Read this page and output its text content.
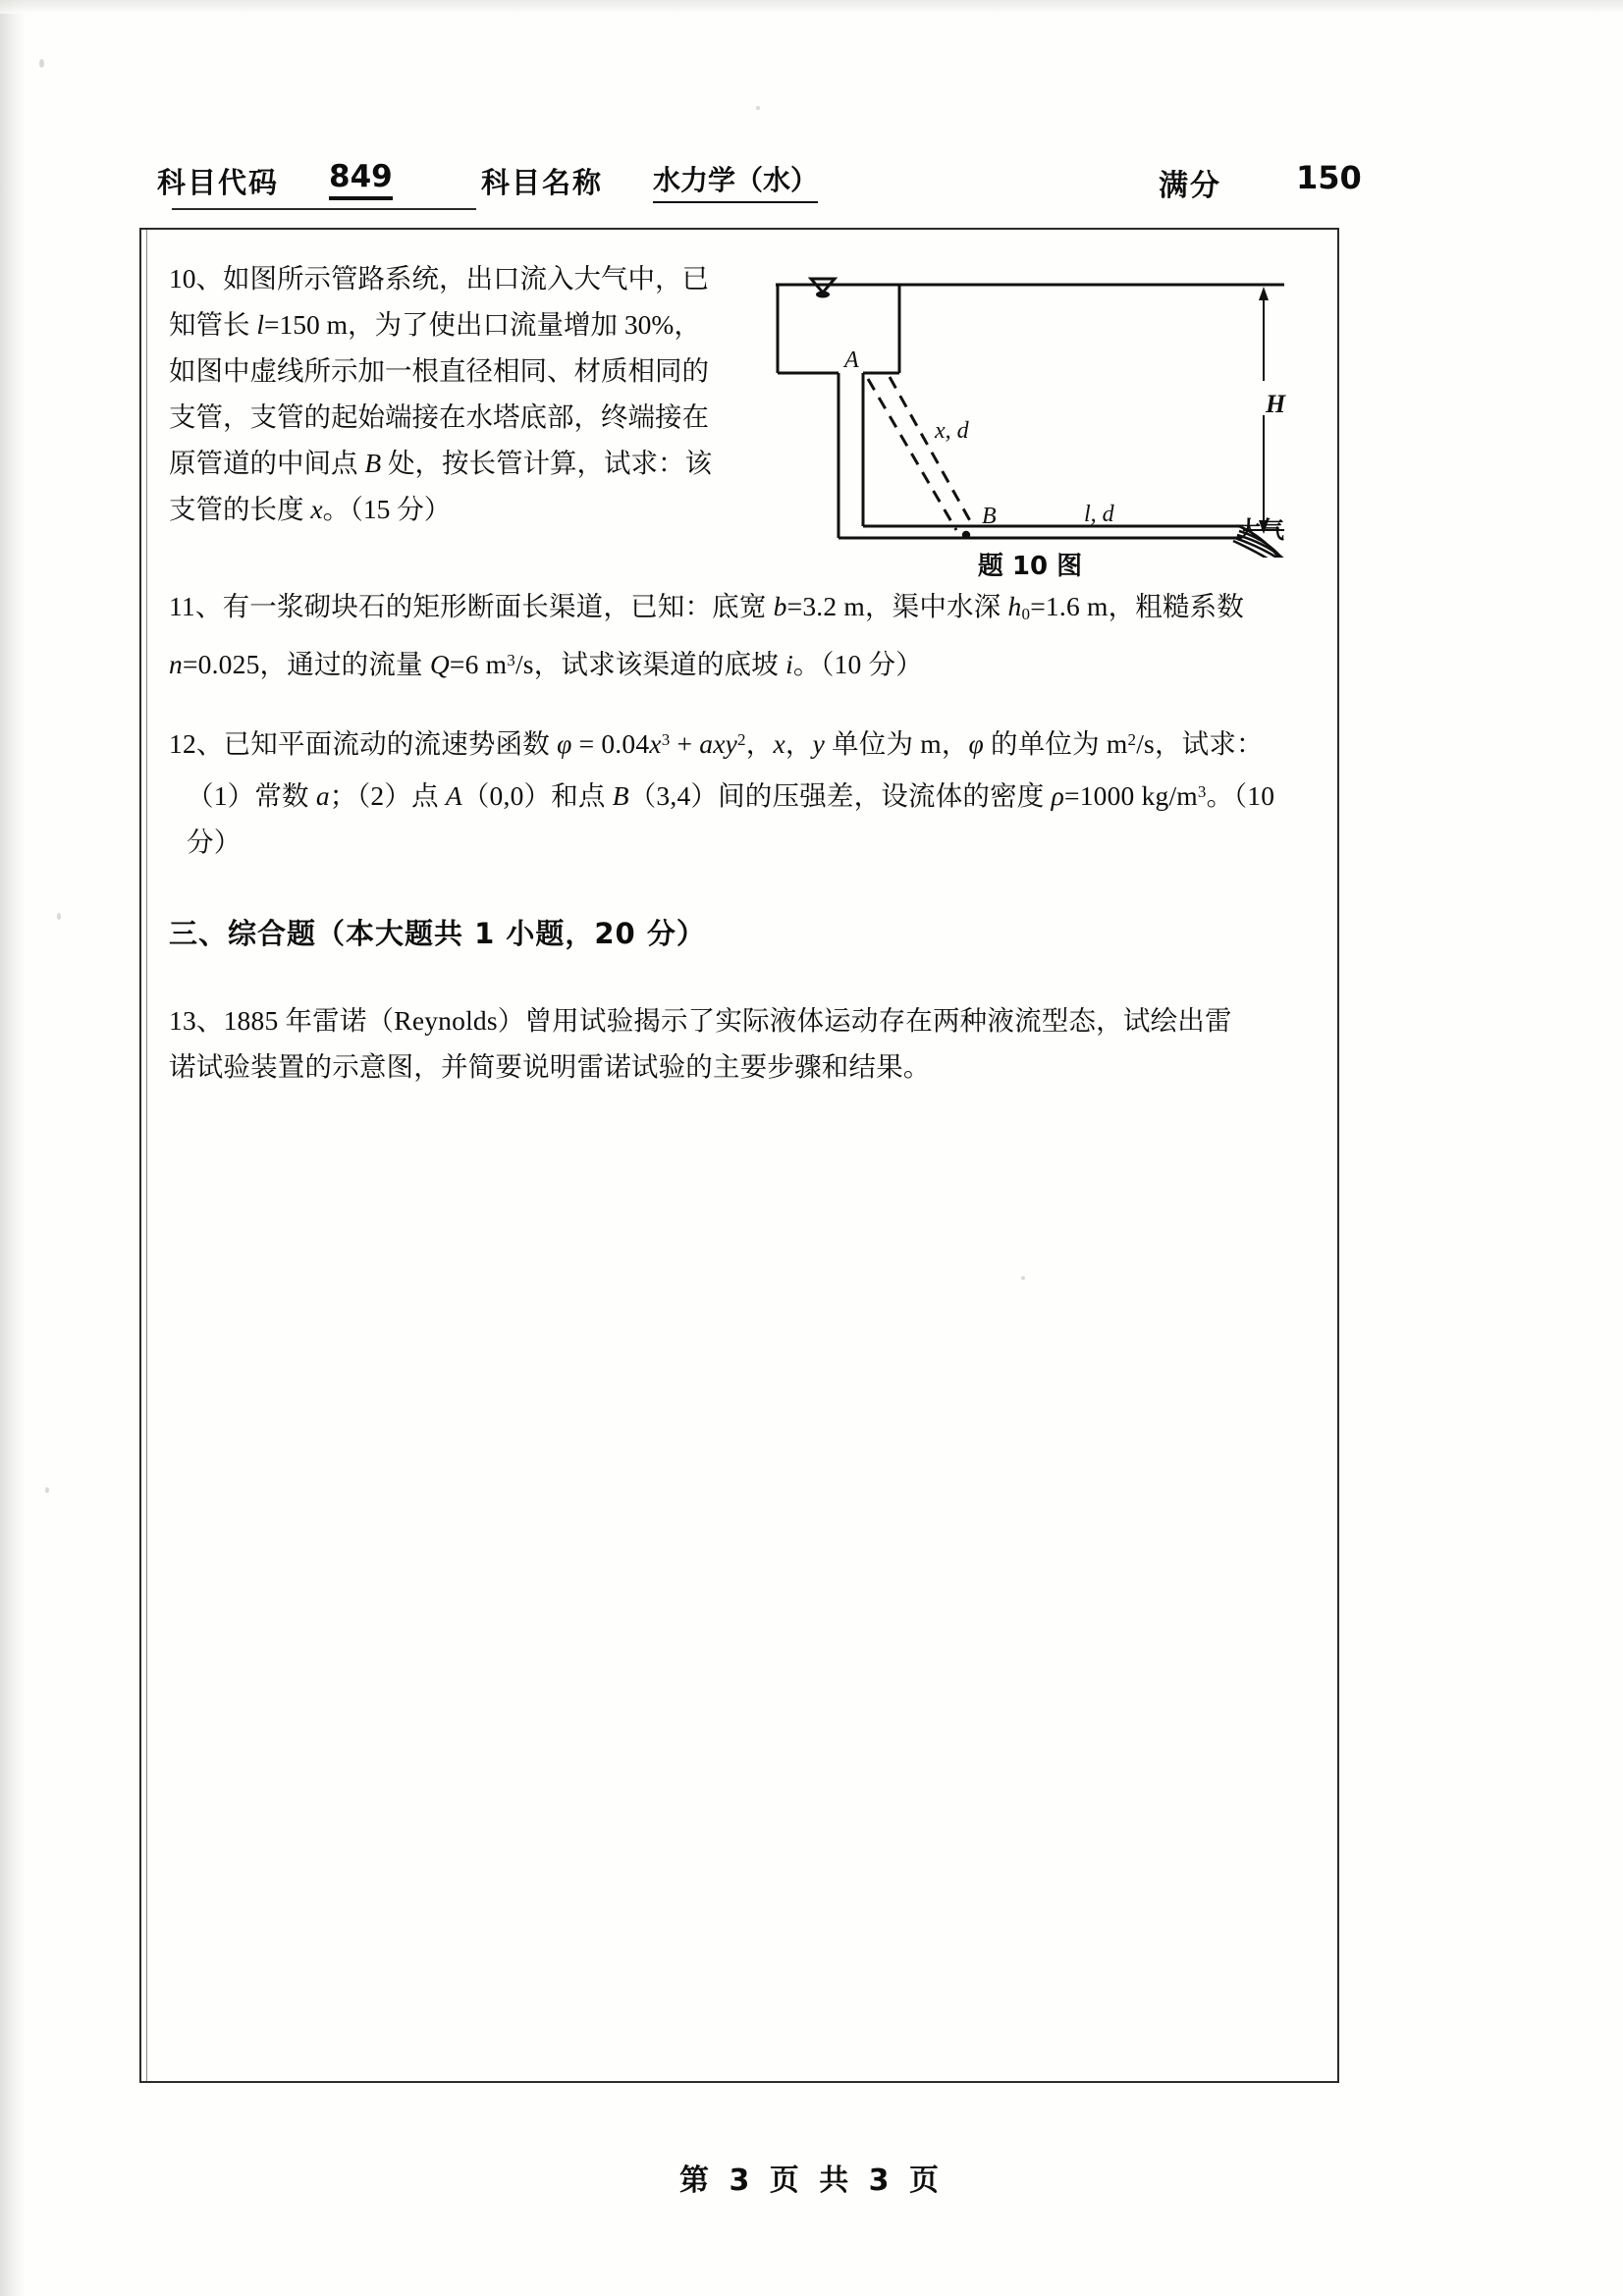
科目代码 849	科目名称 水力学（水）	满分 150
10、如图所示管路系统，出口流入大气中，已
知管长 l=150 m，为了使出口流量增加 30%，
如图中虚线所示加一根直径相同、材质相同的
支管，支管的起始端接在水塔底部，终端接在
原管道的中间点 B 处，按长管计算，试求：该
支管的长度 x。（15 分）
A
x, d
B	l, d
H
大气
题 10 图
11、有一浆砌块石的矩形断面长渠道，已知：底宽 b=3.2 m，渠中水深 $h_0=1.6$ m，粗糙系数
n=0.025，通过的流量 Q=6 $m^3/s$，试求该渠道的底坡 i。（10 分）
12、已知平面流动的流速势函数 $\varphi = 0.04x^3 + axy^2$，x，y 单位为 m，φ 的单位为 $m^2/s$，试求：
（1）常数 a；（2）点 A（0,0）和点 B（3,4）间的压强差，设流体的密度 ρ=1000 $kg/m^3$。（10
分）
三、综合题（本大题共 1 小题，20 分）
13、1885 年雷诺（Reynolds）曾用试验揭示了实际液体运动存在两种液流型态，试绘出雷
诺试验装置的示意图，并简要说明雷诺试验的主要步骤和结果。
第 3 页 共 3 页
